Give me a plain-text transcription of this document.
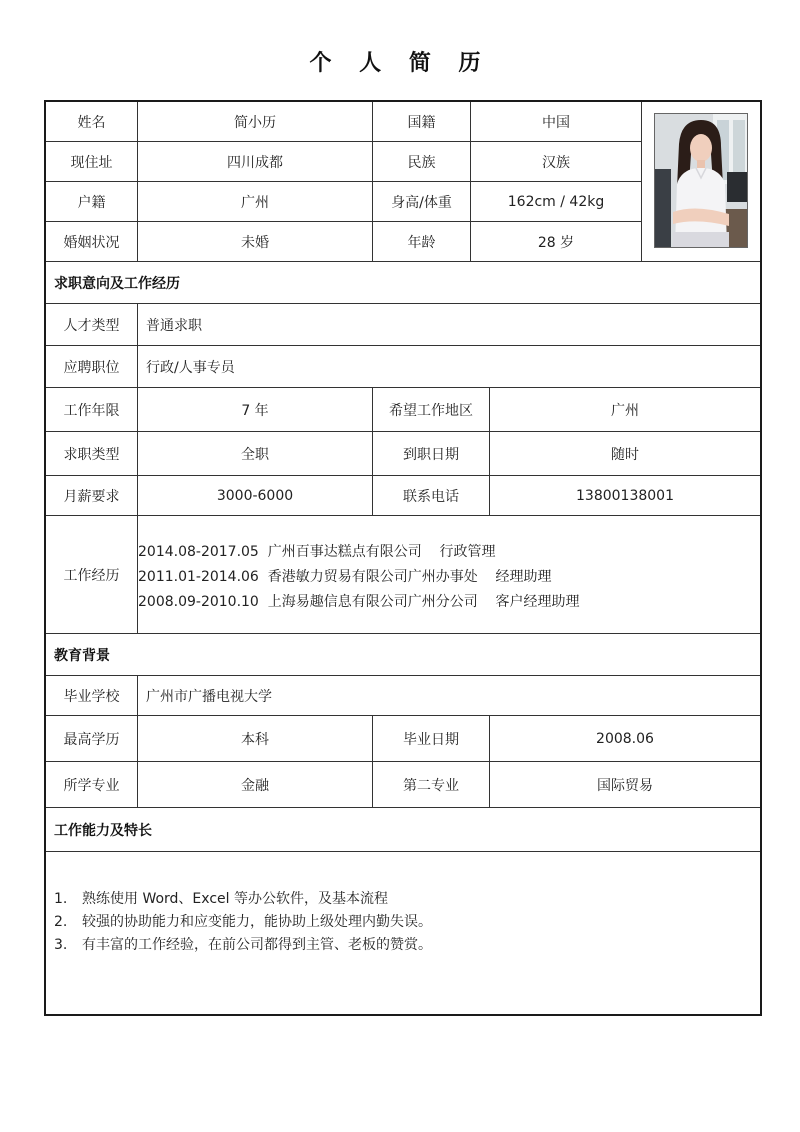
个 人 简 历
姓名	简小历	国籍	中国
现住址	四川成都	民族	汉族
户籍	广州	身高/体重	162cm / 42kg
婚姻状况	未婚	年龄	28 岁
求职意向及工作经历
人才类型	普通求职
应聘职位	行政/人事专员
工作年限	7 年	希望工作地区	广州
求职类型	全职	到职日期	随时
月薪要求	3000-6000	联系电话	13800138001
工作经历
2014.08-2017.05  广州百事达糕点有限公司    行政管理
2011.01-2014.06  香港敏力贸易有限公司广州办事处    经理助理
2008.09-2010.10  上海易趣信息有限公司广州分公司    客户经理助理
教育背景
毕业学校	广州市广播电视大学
最高学历	本科	毕业日期	2008.06
所学专业	金融	第二专业	国际贸易
工作能力及特长
1. 熟练使用 Word、Excel 等办公软件，及基本流程
2. 较强的协助能力和应变能力，能协助上级处理内勤失误。
3. 有丰富的工作经验，在前公司都得到主管、老板的赞赏。
